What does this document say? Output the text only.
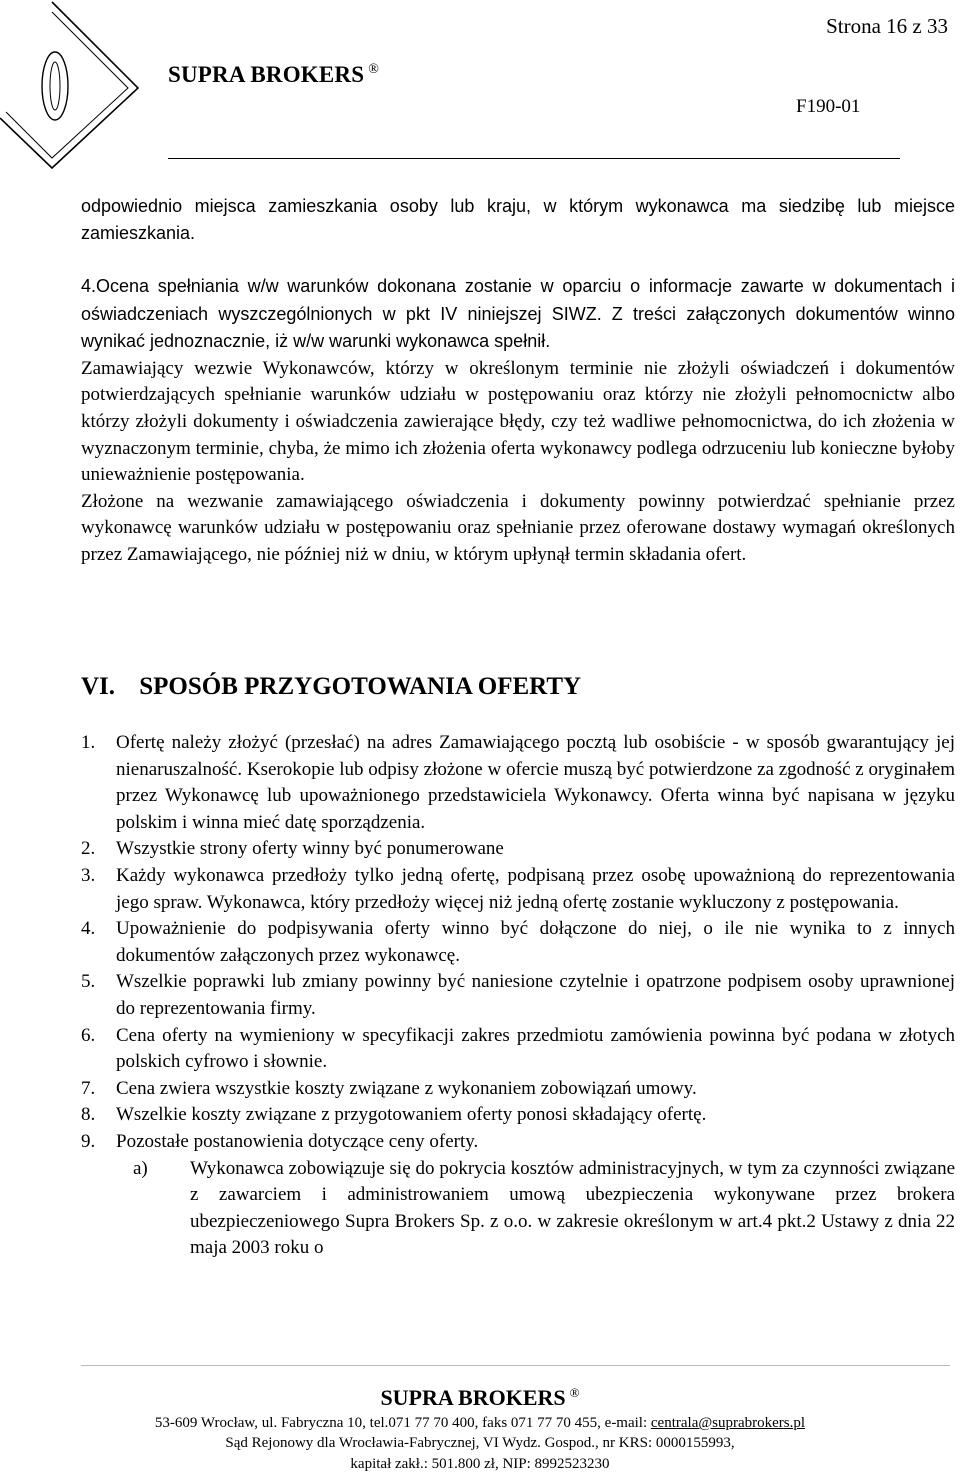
Strona 16 z 33
SUPRA BROKERS ®
F190-01

odpowiednio miejsca zamieszkania osoby lub kraju, w którym wykonawca ma siedzibę lub miejsce zamieszkania.

4.Ocena spełniania w/w warunków dokonana zostanie w oparciu o informacje zawarte w dokumentach i oświadczeniach wyszczególnionych w pkt IV niniejszej SIWZ. Z treści załączonych dokumentów winno wynikać jednoznacznie, iż w/w warunki wykonawca spełnił.

Zamawiający wezwie Wykonawców, którzy w określonym terminie nie złożyli oświadczeń i dokumentów potwierdzających spełnianie warunków udziału w postępowaniu oraz którzy nie złożyli pełnomocnictw albo którzy złożyli dokumenty i oświadczenia zawierające błędy, czy też wadliwe pełnomocnictwa, do ich złożenia w wyznaczonym terminie, chyba, że mimo ich złożenia oferta wykonawcy podlega odrzuceniu lub konieczne byłoby unieważnienie postępowania.

Złożone na wezwanie zamawiającego oświadczenia i dokumenty powinny potwierdzać spełnianie przez wykonawcę warunków udziału w postępowaniu oraz spełnianie przez oferowane dostawy wymagań określonych przez Zamawiającego, nie później niż w dniu, w którym upłynął termin składania ofert.

VI. SPOSÓB PRZYGOTOWANIA OFERTY
1.	Ofertę należy złożyć (przesłać) na adres Zamawiającego pocztą lub osobiście - w sposób gwarantujący jej nienaruszalność. Kserokopie lub odpisy złożone w ofercie muszą być potwierdzone za zgodność z oryginałem przez Wykonawcę lub upoważnionego przedstawiciela Wykonawcy. Oferta winna być napisana w języku polskim i winna mieć datę sporządzenia.
2.	Wszystkie strony oferty winny być ponumerowane
3.	Każdy wykonawca przedłoży tylko jedną ofertę, podpisaną przez osobę upoważnioną do reprezentowania jego spraw. Wykonawca, który przedłoży więcej niż jedną ofertę zostanie wykluczony z postępowania.
4.	Upoważnienie do podpisywania oferty winno być dołączone do niej, o ile nie wynika to z innych dokumentów załączonych przez wykonawcę.
5.	Wszelkie poprawki lub zmiany powinny być naniesione czytelnie i opatrzone podpisem osoby uprawnionej do reprezentowania firmy.
6.	Cena oferty na wymieniony w specyfikacji zakres przedmiotu zamówienia powinna być podana w złotych polskich cyfrowo i słownie.
7.	Cena zwiera wszystkie koszty związane z wykonaniem zobowiązań umowy.
8.	Wszelkie koszty związane z przygotowaniem oferty ponosi składający ofertę.
9.	Pozostałe postanowienia dotyczące ceny oferty.
a)	Wykonawca zobowiązuje się do pokrycia kosztów administracyjnych, w tym za czynności związane z zawarciem i administrowaniem umową ubezpieczenia wykonywane przez brokera ubezpieczeniowego Supra Brokers Sp. z o.o. w zakresie określonym w art.4 pkt.2 Ustawy z dnia 22 maja 2003 roku o
SUPRA BROKERS ®
53-609 Wrocław, ul. Fabryczna 10, tel.071 77 70 400, faks 071 77 70 455, e-mail: centrala@suprabrokers.pl
Sąd Rejonowy dla Wrocławia-Fabrycznej, VI Wydz. Gospod., nr KRS: 0000155993,
kapitał zakł.: 501.800 zł, NIP: 8992523230
